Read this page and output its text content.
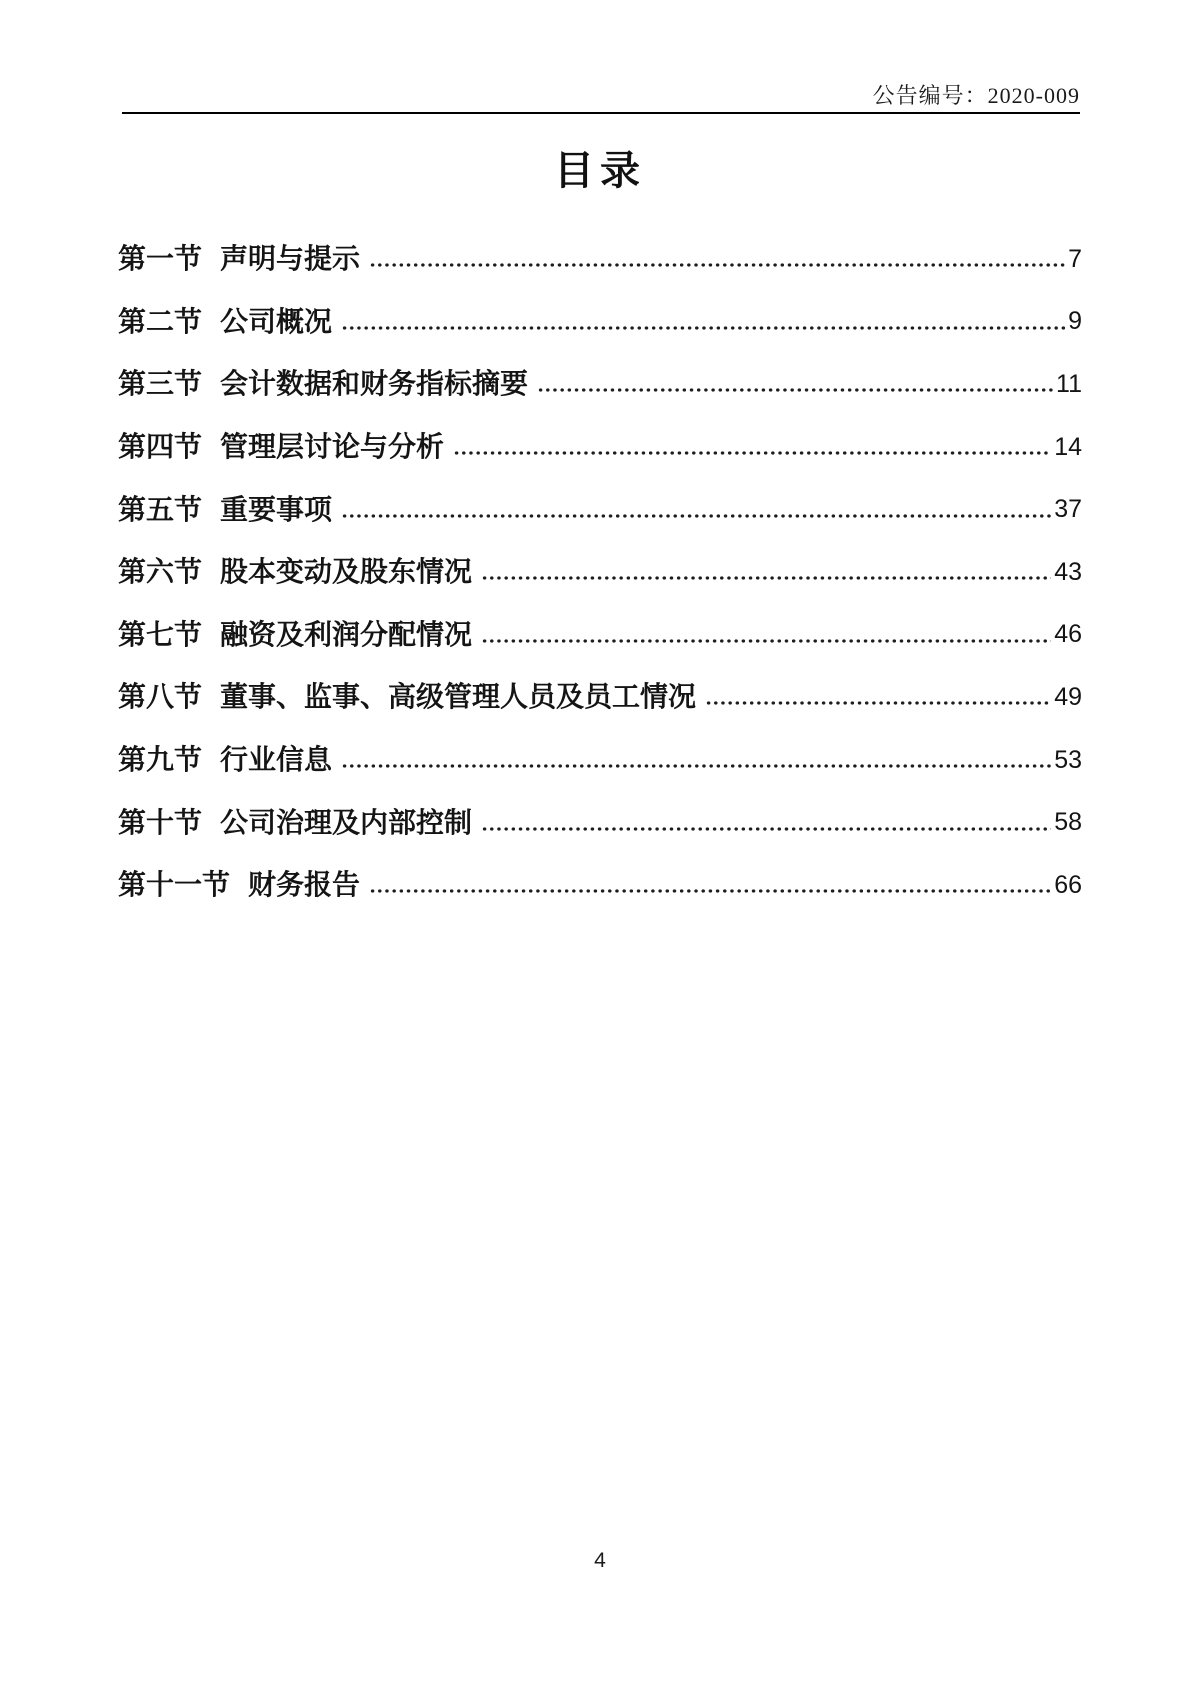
公告编号：2020-009
目录
第一节 声明与提示	7
第二节 公司概况	9
第三节 会计数据和财务指标摘要	11
第四节 管理层讨论与分析	14
第五节 重要事项	37
第六节 股本变动及股东情况	43
第七节 融资及利润分配情况	46
第八节 董事、监事、高级管理人员及员工情况	49
第九节 行业信息	53
第十节 公司治理及内部控制	58
第十一节 财务报告	66
4
